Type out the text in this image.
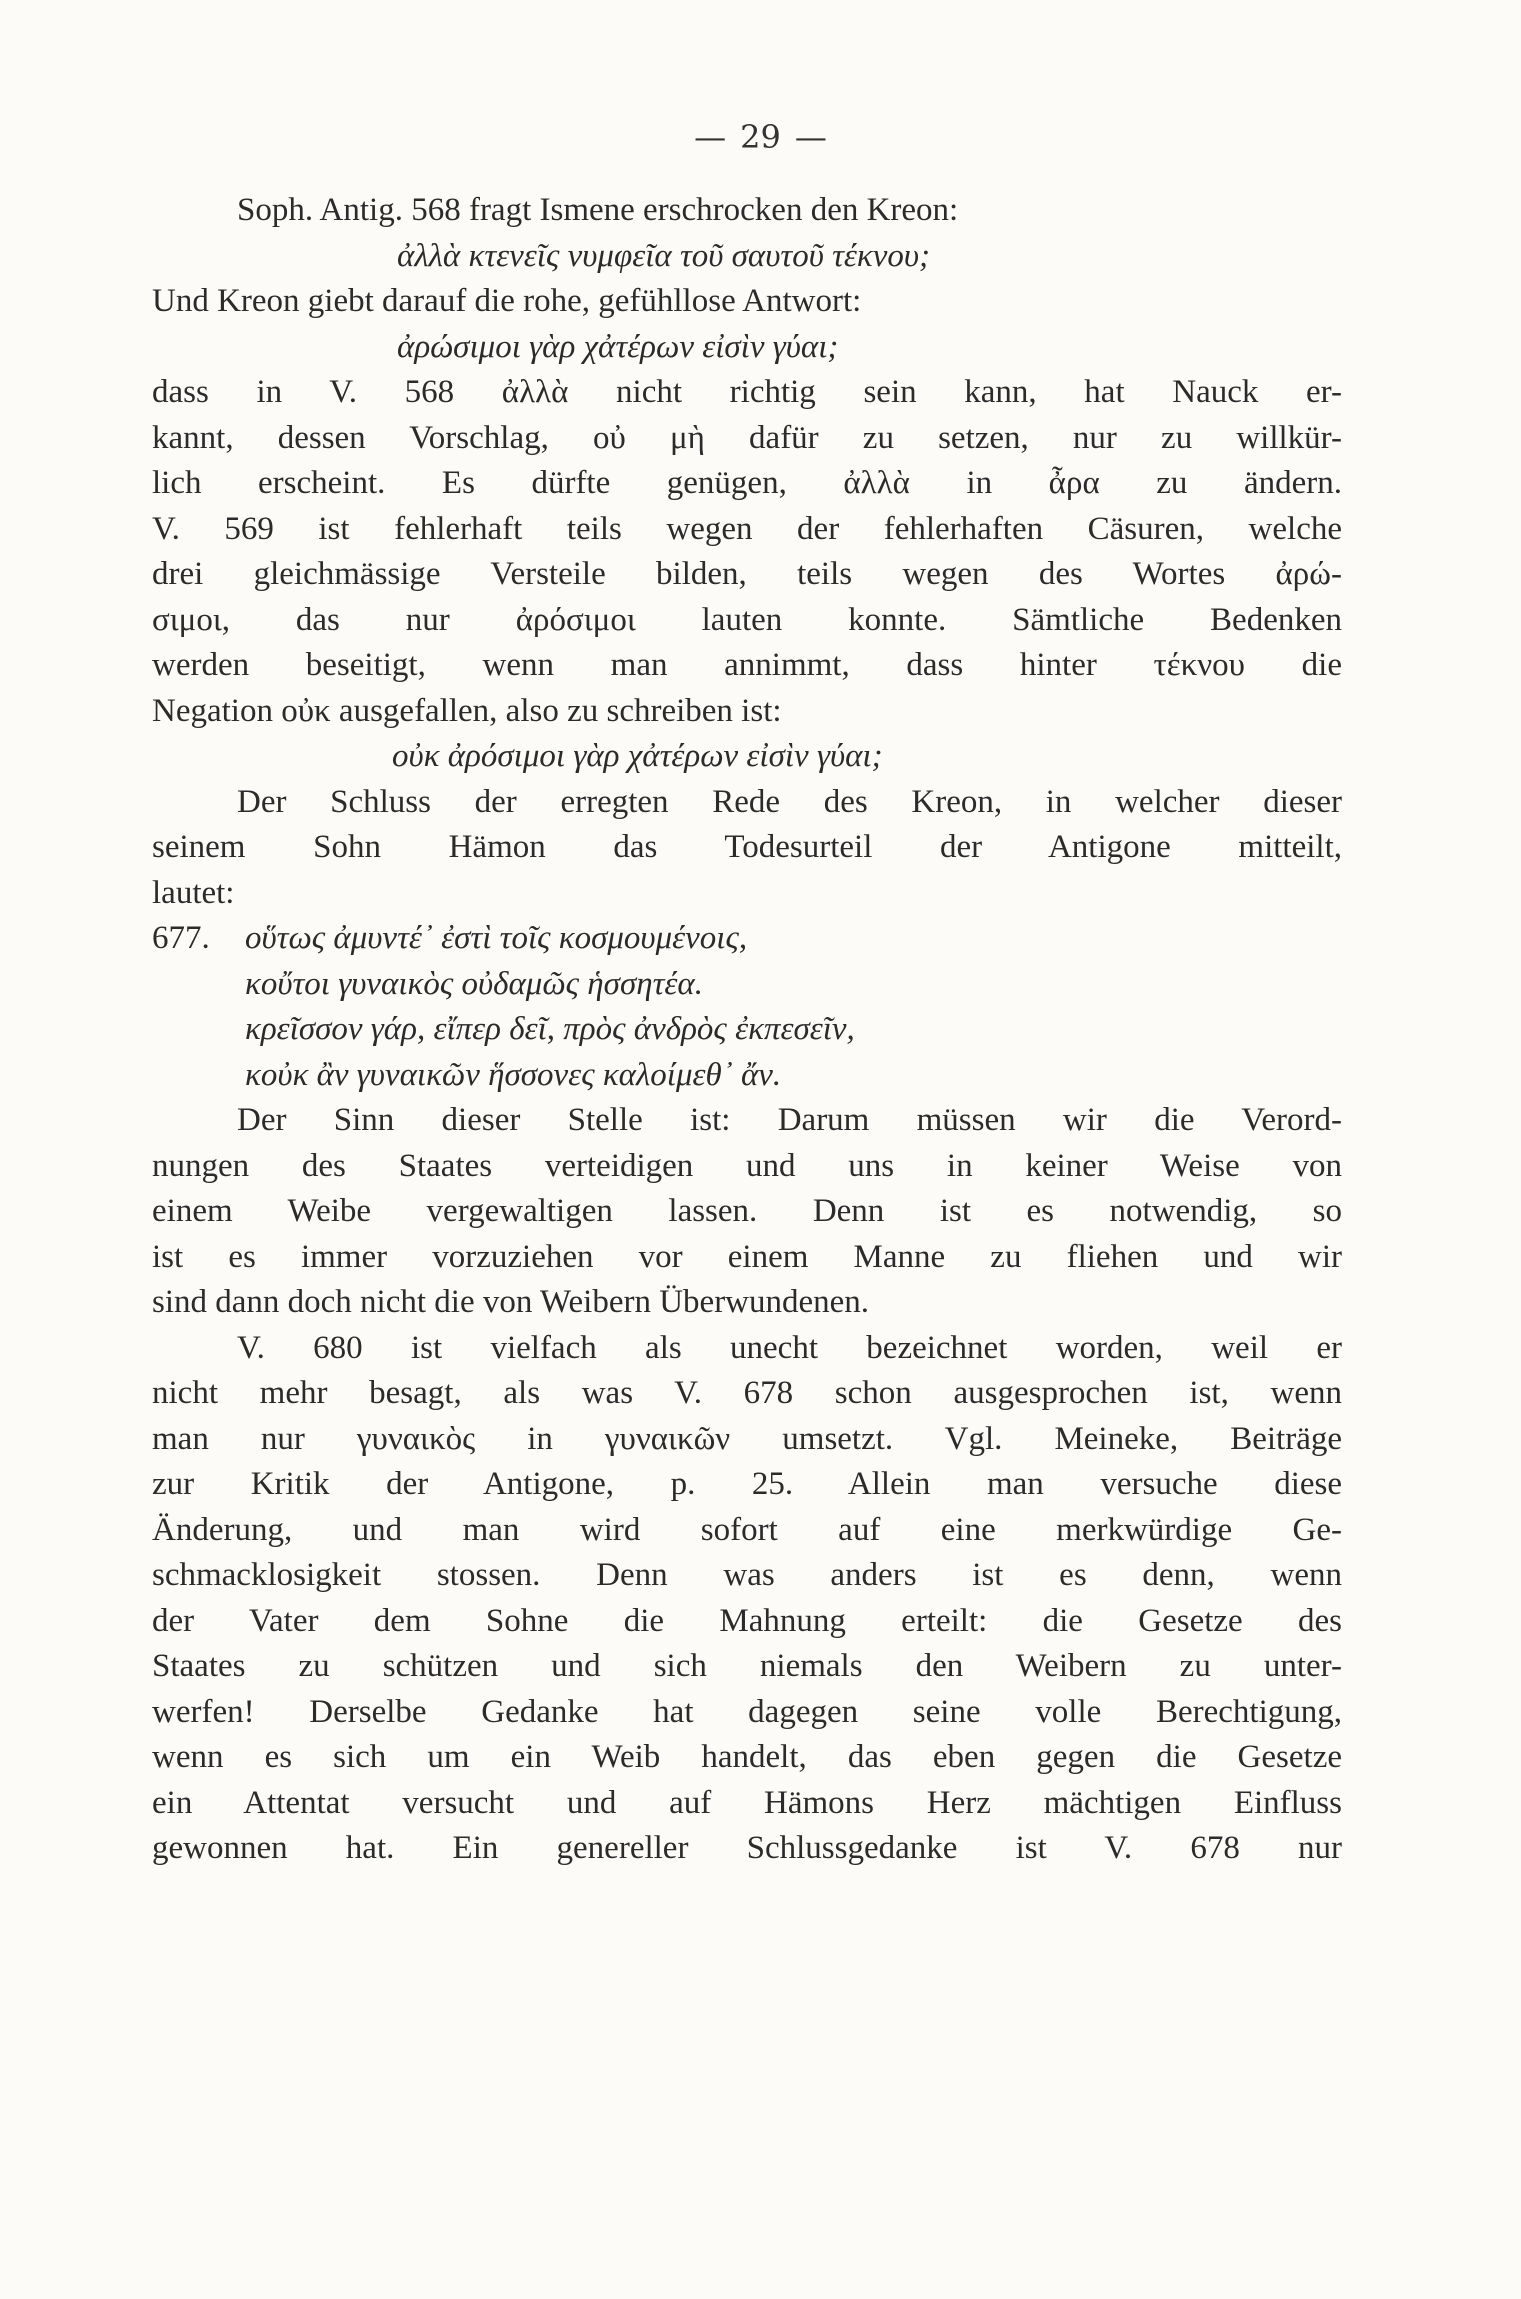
— 29 —
Soph. Antig. 568 fragt Ismene erschrocken den Kreon:
ἀλλὰ κτενεῖς νυμφεῖα τοῦ σαυτοῦ τέκνου;
Und Kreon giebt darauf die rohe, gefühllose Antwort:
ἀρώσιμοι γὰρ χἀτέρων εἰσὶν γύαι;
dass in V. 568 ἀλλὰ nicht richtig sein kann, hat Nauck er-
kannt, dessen Vorschlag, οὐ μὴ dafür zu setzen, nur zu willkür-
lich erscheint. Es dürfte genügen, ἀλλὰ in ἆρα zu ändern.
V. 569 ist fehlerhaft teils wegen der fehlerhaften Cäsuren, welche
drei gleichmässige Versteile bilden, teils wegen des Wortes ἀρώ-
σιμοι, das nur ἀρόσιμοι lauten konnte. Sämtliche Bedenken
werden beseitigt, wenn man annimmt, dass hinter τέκνου die
Negation οὐκ ausgefallen, also zu schreiben ist:
οὐκ ἀρόσιμοι γὰρ χἀτέρων εἰσὶν γύαι;
Der Schluss der erregten Rede des Kreon, in welcher dieser
seinem Sohn Hämon das Todesurteil der Antigone mitteilt,
lautet:
677. οὕτως ἀμυντέ᾽ ἐστὶ τοῖς κοσμουμένοις,
κοὔτοι γυναικὸς οὐδαμῶς ἡσσητέα.
κρεῖσσον γάρ, εἴπερ δεῖ, πρὸς ἀνδρὸς ἐκπεσεῖν,
κοὐκ ἂν γυναικῶν ἥσσονες καλοίμεθ᾽ ἄν.
Der Sinn dieser Stelle ist: Darum müssen wir die Verord-
nungen des Staates verteidigen und uns in keiner Weise von
einem Weibe vergewaltigen lassen. Denn ist es notwendig, so
ist es immer vorzuziehen vor einem Manne zu fliehen und wir
sind dann doch nicht die von Weibern Überwundenen.
V. 680 ist vielfach als unecht bezeichnet worden, weil er
nicht mehr besagt, als was V. 678 schon ausgesprochen ist, wenn
man nur γυναικὸς in γυναικῶν umsetzt. Vgl. Meineke, Beiträge
zur Kritik der Antigone, p. 25. Allein man versuche diese
Änderung, und man wird sofort auf eine merkwürdige Ge-
schmacklosigkeit stossen. Denn was anders ist es denn, wenn
der Vater dem Sohne die Mahnung erteilt: die Gesetze des
Staates zu schützen und sich niemals den Weibern zu unter-
werfen! Derselbe Gedanke hat dagegen seine volle Berechtigung,
wenn es sich um ein Weib handelt, das eben gegen die Gesetze
ein Attentat versucht und auf Hämons Herz mächtigen Einfluss
gewonnen hat. Ein genereller Schlussgedanke ist V. 678 nur
